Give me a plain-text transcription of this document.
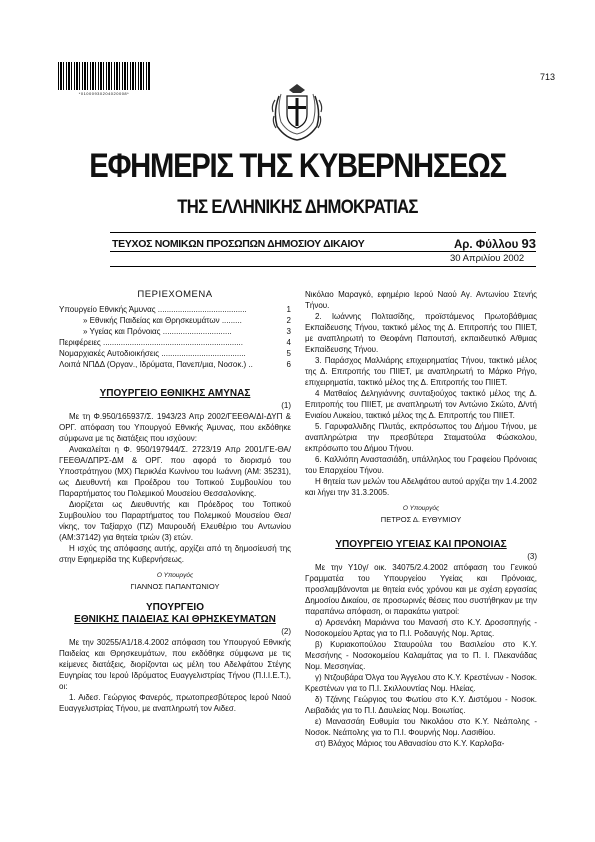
*01000930204020008*
713
ΕΦΗΜΕΡΙΣ ΤΗΣ ΚΥΒΕΡΝΗΣΕΩΣ
ΤΗΣ ΕΛΛΗΝΙΚΗΣ ΔΗΜΟΚΡΑΤΙΑΣ
ΤΕΥΧΟΣ ΝΟΜΙΚΩΝ ΠΡΟΣΩΠΩΝ ΔΗΜΟΣΙΟΥ ΔΙΚΑΙΟΥ	Αρ. Φύλλου 93
30 Απριλίου 2002
ΠΕΡΙΕΧΟΜΕΝΑ
Υπουργείο Εθνικής Άμυνας ........................................	1
» Εθνικής Παιδείας και Θρησκευμάτων .........	2
» Υγείας και Πρόνοιας ...............................	3
Περιφέρειες ...............................................................	4
Νομαρχιακές Αυτοδιοικήσεις ......................................	5
Λοιπά ΝΠΔΔ (Οργαν., Ιδρύματα, Πανεπ/μια, Νοσοκ.) ..	6
ΥΠΟΥΡΓΕΙΟ ΕΘΝΙΚΗΣ ΑΜΥΝΑΣ
(1)

Με τη Φ.950/165937/Σ. 1943/23 Απρ 2002/ΓΕΕΘΑ/ΔΙ-ΔΥΠ & ΟΡΓ. απόφαση του Υπουργού Εθνικής Άμυνας, που εκδόθηκε σύμφωνα με τις διατάξεις που ισχύουν:

Ανακαλείται η Φ. 950/197944/Σ. 2723/19 Απρ 2001/ΓΕ-ΘΑ/ΓΕΕΘΑ/ΔΠΡΣ-ΔΜ & ΟΡΓ. που αφορά το διορισμό του Υποστράτηγου (ΜΧ) Περικλέα Κωνίνου του Ιωάννη (ΑΜ: 35231), ως Διευθυντή και Προέδρου του Τοπικού Συμβουλίου του Παραρτήματος του Πολεμικού Μουσείου Θεσσαλονίκης.

Διορίζεται ως Διευθυντής και Πρόεδρος του Τοπικού Συμβουλίου του Παραρτήματος του Πολεμικού Μουσείου Θεσ/νίκης, τον Ταξίαρχο (ΠΖ) Μαυρουδή Ελευθέριο του Αντωνίου (ΑΜ:37142) για θητεία τριών (3) ετών.

Η ισχύς της απόφασης αυτής, αρχίζει από τη δημοσίευσή της στην Εφημερίδα της Κυβερνήσεως.

Ο Υπουργός
ΓΙΑΝΝΟΣ ΠΑΠΑΝΤΩΝΙΟΥ
ΥΠΟΥΡΓΕΙΟ
ΕΘΝΙΚΗΣ ΠΑΙΔΕΙΑΣ ΚΑΙ ΘΡΗΣΚΕΥΜΑΤΩΝ
(2)

Με την 30255/Α1/18.4.2002 απόφαση του Υπουργού Εθνικής Παιδείας και Θρησκευμάτων, που εκδόθηκε σύμφωνα με τις κείμενες διατάξεις, διορίζονται ως μέλη του Αδελφάτου Στέγης Ευγηρίας του Ιερού Ιδρύματος Ευαγγελιστρίας Τήνου (Π.Ι.Ι.Ε.Τ.), οι:

1. Αιδεσ. Γεώργιος Φανερός, πρωτοπρεσβύτερος Ιερού Ναού Ευαγγελιστρίας Τήνου, με αναπληρωτή τον Αιδεσ.

Νικόλαο Μαραγκό, εφημέριο Ιερού Ναού Αγ. Αντωνίου Στενής Τήνου.

2. Ιωάννης Πολτασίδης, προϊστάμενος Πρωτοβάθμιας Εκπαίδευσης Τήνου, τακτικό μέλος της Δ. Επιτροπής του ΠΙΙΕΤ, με αναπληρωτή το Θεοφάνη Παπουτσή, εκπαιδευτικό Α/θμιας Εκπαίδευσης Τήνου.

3. Παράσχος Μαλλιάρης επιχειρηματίας Τήνου, τακτικό μέλος της Δ. Επιτροπής του ΠΙΙΕΤ, με αναπληρωτή το Μάρκο Ρήγο, επιχειρηματία, τακτικό μέλος της Δ. Επιτροπής του ΠΙΙΕΤ.

4 Ματθαίος Δεληγιάννης συνταξιούχος τακτικό μέλος της Δ. Επιτροπής του ΠΙΙΕΤ, με αναπληρωτή τον Αντώνιο Σκώτο, Δ/ντή Ενιαίου Λυκείου, τακτικό μέλος της Δ. Επιτροπής του ΠΙΙΕΤ.

5. Γαρυφαλλιδης Πλυτάς, εκπρόσωπος του Δήμου Τήνου, με αναπληρώτρια την πρεσβύτερα Σταματούλα Φώσκολου, εκπρόσωπο του Δήμου Τήνου.

6. Καλλιόπη Αναστασιάδη, υπάλληλος του Γραφείου Πρόνοιας του Επαρχείου Τήνου.

Η θητεία των μελών του Αδελφάτου αυτού αρχίζει την 1.4.2002 και λήγει την 31.3.2005.

Ο Υπουργός
ΠΕΤΡΟΣ Δ. ΕΥΘΥΜΙΟΥ
ΥΠΟΥΡΓΕΙΟ ΥΓΕΙΑΣ ΚΑΙ ΠΡΟΝΟΙΑΣ
(3)

Με την Υ10γ/ οικ. 34075/2.4.2002 απόφαση του Γενικού Γραμματέα του Υπουργείου Υγείας και Πρόνοιας, προσλαμβάνονται με θητεία ενός χρόνου και με σχέση εργασίας Δημοσίου Δικαίου, σε προσωρινές θέσεις που συστήθηκαν με την παραπάνω απόφαση, οι παρακάτω γιατροί:

α) Αρσενάκη Μαριάννα του Μανασή στο Κ.Υ. Δροσοπηγής - Νοσοκομείου Άρτας για το Π.Ι. Ροδαυγής Νομ. Άρτας.

β) Κυριακοπούλου Σταυρούλα του Βασιλείου στο Κ.Υ. Μεσσήνης - Νοσοκομείου Καλαμάτας για το Π. Ι. Πλεκανάδας Νομ. Μεσσηνίας.

γ) Ντζουβάρα Όλγα του Άγγελου στο Κ.Υ. Κρεστένων - Νοσοκ. Κρεστένων για το Π.Ι. Σκιλλουντίας Νομ. Ηλείας.

δ) Τζάνης Γεώργιος του Φωτίου στο Κ.Υ. Διστόμου - Νοσοκ. Λειβαδιάς για το Π.Ι. Δαυλείας Νομ. Βοιωτίας.

ε) Μανασσάη Ευθυμία του Νικολάου στο Κ.Υ. Νεάπολης - Νοσοκ. Νεάπολης για το Π.Ι. Φουρνής Νομ. Λασιθίου.

στ) Βλάχος Μάριος του Αθανασίου στο Κ.Υ. Καρλοβα-
